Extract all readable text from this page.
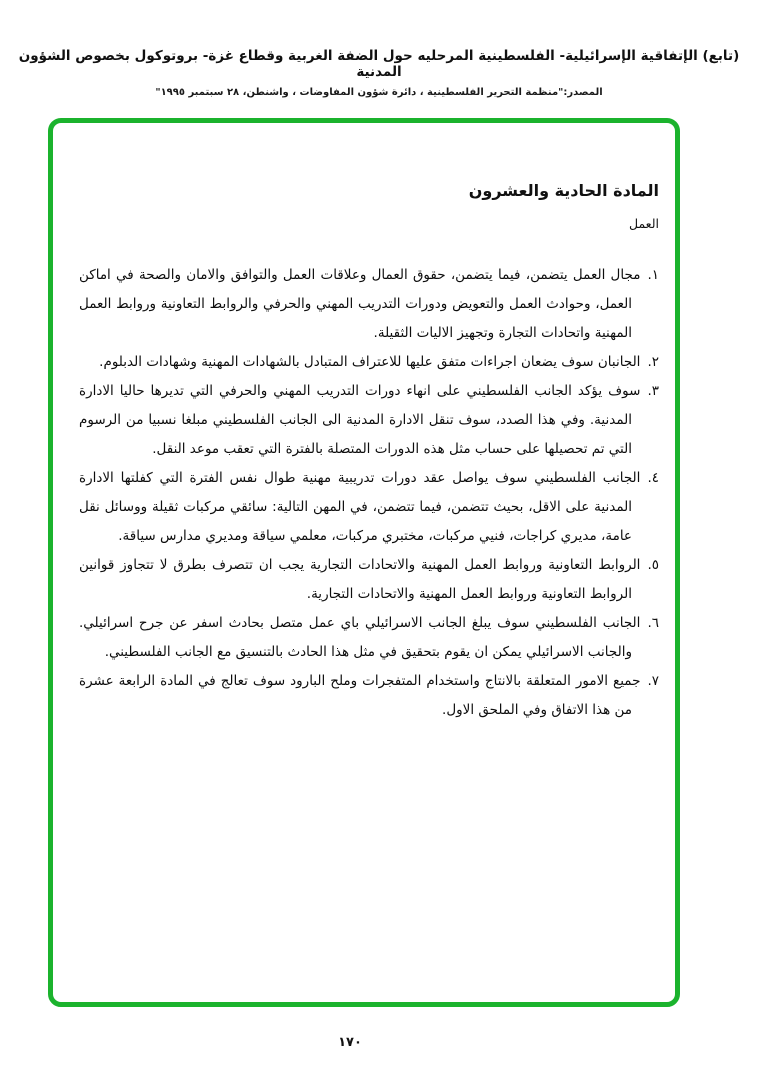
(تابع) الإتفاقية الإسرائيلية- الفلسطينية المرحليه حول الضفة الغربية وقطاع غزة- بروتوكول بخصوص الشؤون المدنية
المصدر:"منظمة التحرير الفلسطينية ، دائرة شؤون المفاوضات ، واشنطن، ٢٨ سبتمبر ١٩٩٥"
المادة الحادية والعشرون
العمل
١.مجال العمل يتضمن، فيما يتضمن، حقوق العمال وعلاقات العمل والتوافق والامان والصحة في اماكن العمل، وحوادث العمل والتعويض ودورات التدريب المهني والحرفي والروابط التعاونية وروابط العمل المهنية واتحادات التجارة وتجهيز الاليات الثقيلة.
٢.الجانبان سوف يضعان اجراءات متفق عليها للاعتراف المتبادل بالشهادات المهنية وشهادات الدبلوم.
٣.سوف يؤكد الجانب الفلسطيني على انهاء دورات التدريب المهني والحرفي التي تديرها حاليا الادارة المدنية. وفي هذا الصدد، سوف تنقل الادارة المدنية الى الجانب الفلسطيني مبلغا نسبيا من الرسوم التي تم تحصيلها على حساب مثل هذه الدورات المتصلة بالفترة التي تعقب موعد النقل.
٤.الجانب الفلسطيني سوف يواصل عقد دورات تدريبية مهنية طوال نفس الفترة التي كفلتها الادارة المدنية على الاقل، بحيث تتضمن، فيما تتضمن، في المهن التالية: سائقي مركبات ثقيلة ووسائل نقل عامة، مديري كراجات، فنيي مركبات، مختبري مركبات، معلمي سياقة ومديري مدارس سياقة.
٥.الروابط التعاونية وروابط العمل المهنية والاتحادات التجارية يجب ان تتصرف بطرق لا تتجاوز قوانين الروابط التعاونية وروابط العمل المهنية والاتحادات التجارية.
٦.الجانب الفلسطيني سوف يبلغ الجانب الاسرائيلي باي عمل متصل بحادث اسفر عن جرح اسرائيلي. والجانب الاسرائيلي يمكن ان يقوم بتحقيق في مثل هذا الحادث بالتنسيق مع الجانب الفلسطيني.
٧.جميع الامور المتعلقة بالانتاج واستخدام المتفجرات وملح البارود سوف تعالج في المادة الرابعة عشرة من هذا الاتفاق وفي الملحق الاول.
١٧٠
